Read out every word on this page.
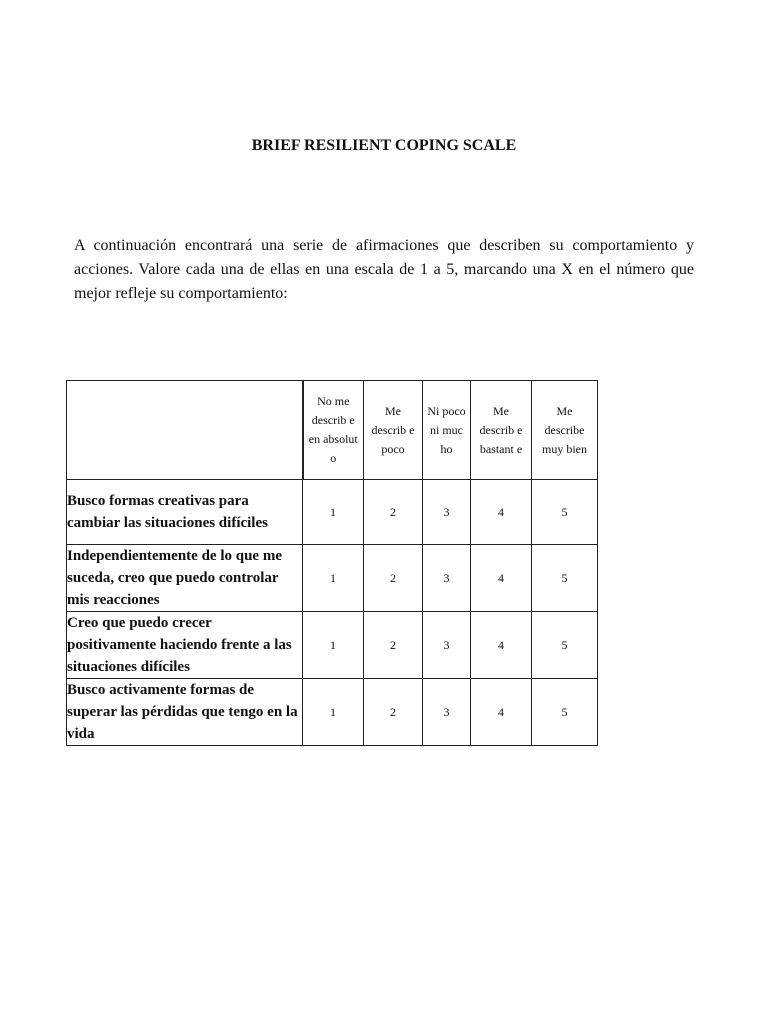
BRIEF RESILIENT COPING SCALE

A continuación encontrará una serie de afirmaciones que describen su comportamiento y acciones. Valore cada una de ellas en una escala de 1 a 5, marcando una X en el número que mejor refleje su comportamiento:

	No me describ e en absolut o	Me describ e poco	Ni poco ni muc ho	Me describ e bastant e	Me describe muy bien
Busco formas creativas para cambiar las situaciones difíciles	1	2	3	4	5
Independientemente de lo que me suceda, creo que puedo controlar mis reacciones	1	2	3	4	5
Creo que puedo crecer positivamente haciendo frente a las situaciones difíciles	1	2	3	4	5
Busco activamente formas de superar las pérdidas que tengo en la vida	1	2	3	4	5
